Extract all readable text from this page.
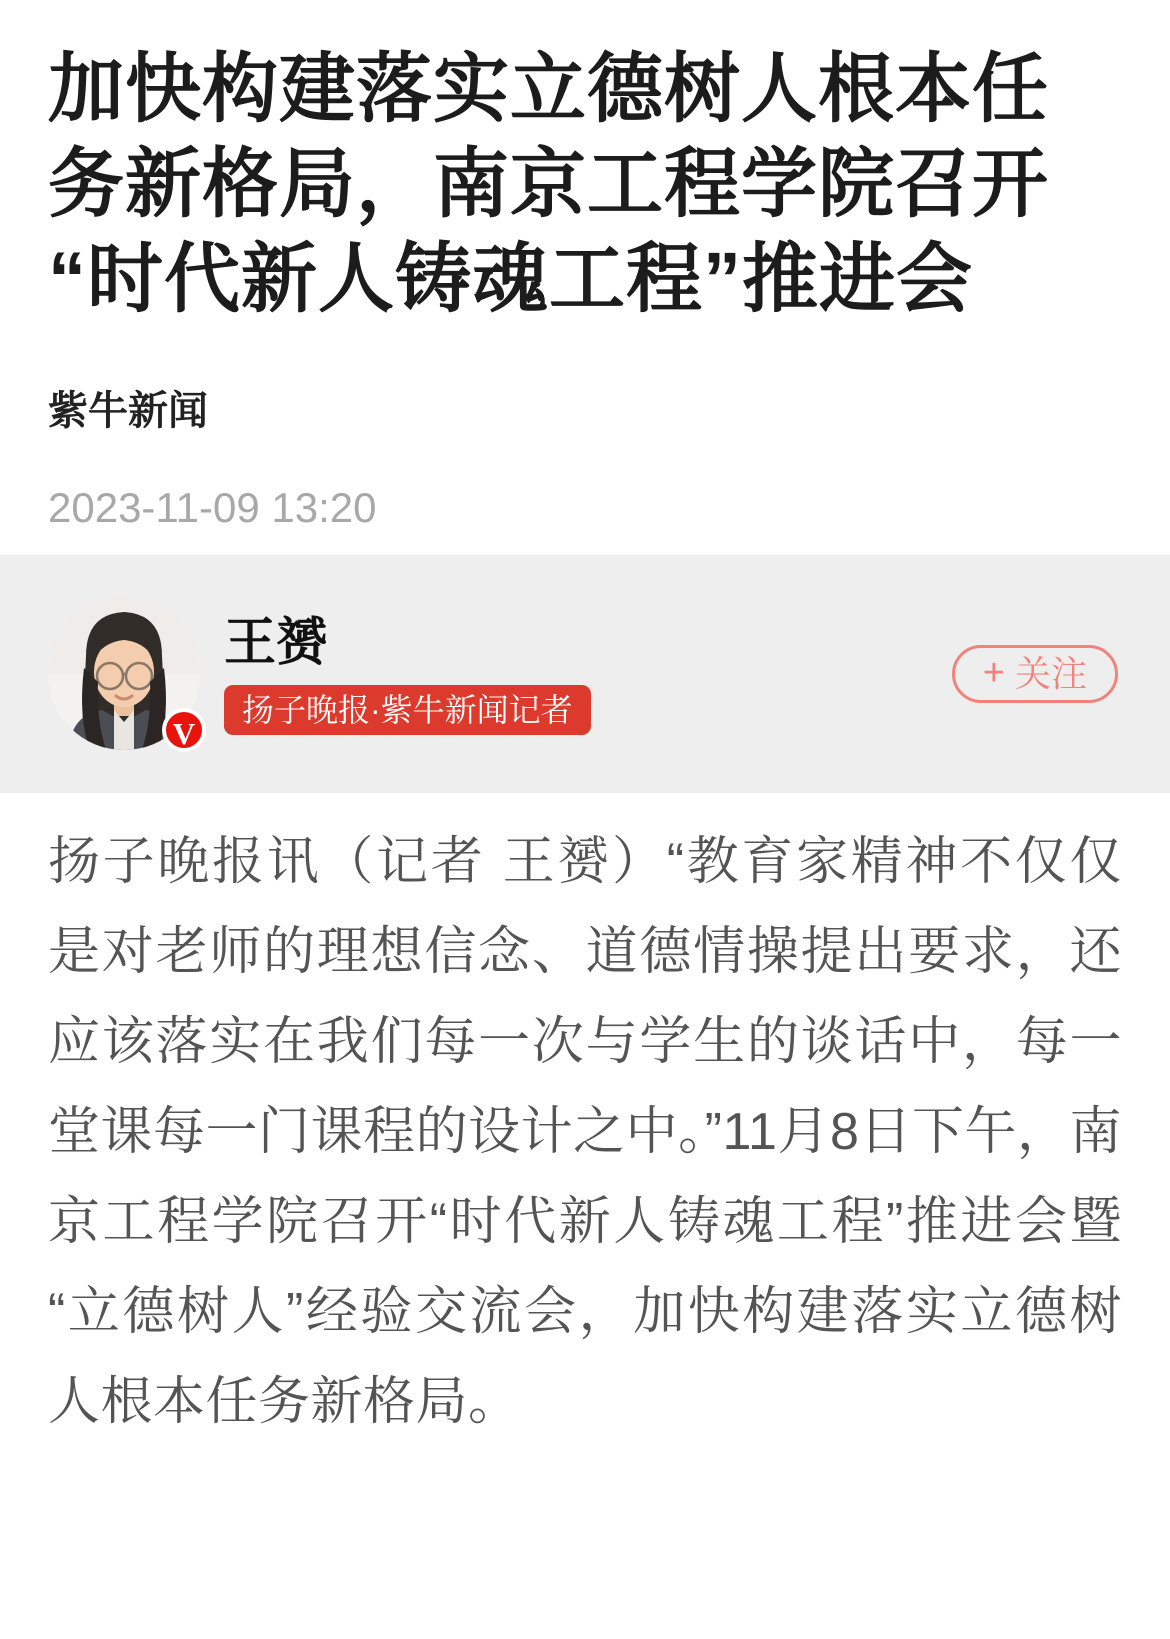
加快构建落实立德树人根本任务新格局，南京工程学院召开“时代新人铸魂工程”推进会
紫牛新闻
2023-11-09 13:20
V
王赟
扬子晚报·紫牛新闻记者
+ 关注

扬子晚报讯（记者 王赟）“教育家精神不仅仅是对老师的理想信念、道德情操提出要求，还应该落实在我们每一次与学生的谈话中，每一堂课每一门课程的设计之中。”11月8日下午，南京工程学院召开“时代新人铸魂工程”推进会暨“立德树人”经验交流会，加快构建落实立德树人根本任务新格局。
